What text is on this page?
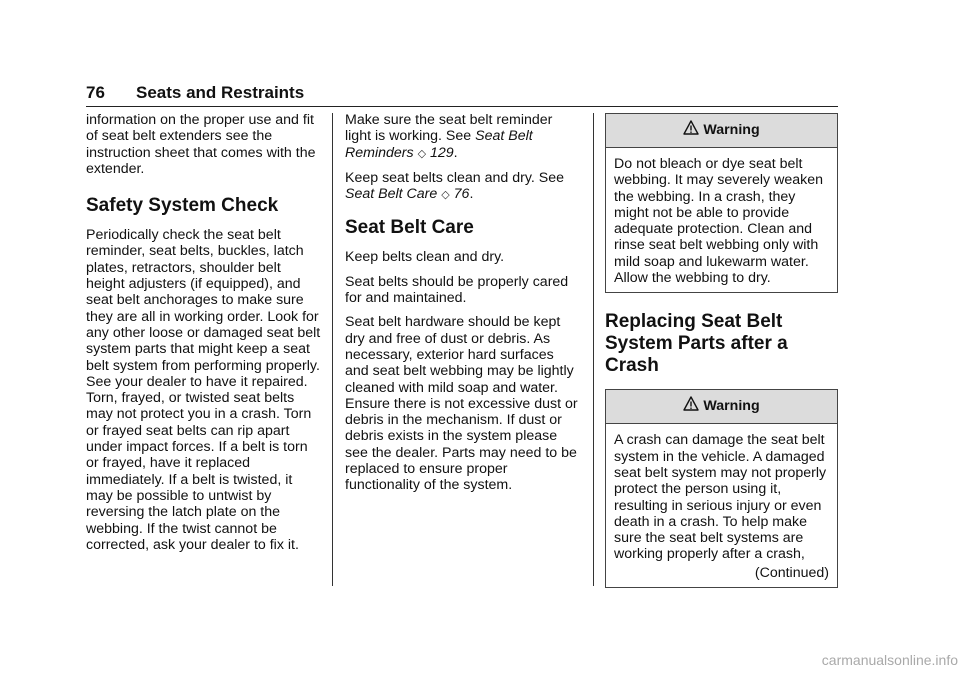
76 Seats and Restraints

information on the proper use and fit of seat belt extenders see the instruction sheet that comes with the extender.

Safety System Check

Periodically check the seat belt reminder, seat belts, buckles, latch plates, retractors, shoulder belt height adjusters (if equipped), and seat belt anchorages to make sure they are all in working order. Look for any other loose or damaged seat belt system parts that might keep a seat belt system from performing properly. See your dealer to have it repaired. Torn, frayed, or twisted seat belts may not protect you in a crash. Torn or frayed seat belts can rip apart under impact forces. If a belt is torn or frayed, have it replaced immediately. If a belt is twisted, it may be possible to untwist by reversing the latch plate on the webbing. If the twist cannot be corrected, ask your dealer to fix it.

Make sure the seat belt reminder light is working. See Seat Belt Reminders ◇ 129.

Keep seat belts clean and dry. See Seat Belt Care ◇ 76.

Seat Belt Care

Keep belts clean and dry.

Seat belts should be properly cared for and maintained.

Seat belt hardware should be kept dry and free of dust or debris. As necessary, exterior hard surfaces and seat belt webbing may be lightly cleaned with mild soap and water. Ensure there is not excessive dust or debris in the mechanism. If dust or debris exists in the system please see the dealer. Parts may need to be replaced to ensure proper functionality of the system.

Warning
Do not bleach or dye seat belt webbing. It may severely weaken the webbing. In a crash, they might not be able to provide adequate protection. Clean and rinse seat belt webbing only with mild soap and lukewarm water. Allow the webbing to dry.
Replacing Seat Belt System Parts after a Crash
Warning
A crash can damage the seat belt system in the vehicle. A damaged seat belt system may not properly protect the person using it, resulting in serious injury or even death in a crash. To help make sure the seat belt systems are working properly after a crash,
(Continued)
carmanualsonline.info
